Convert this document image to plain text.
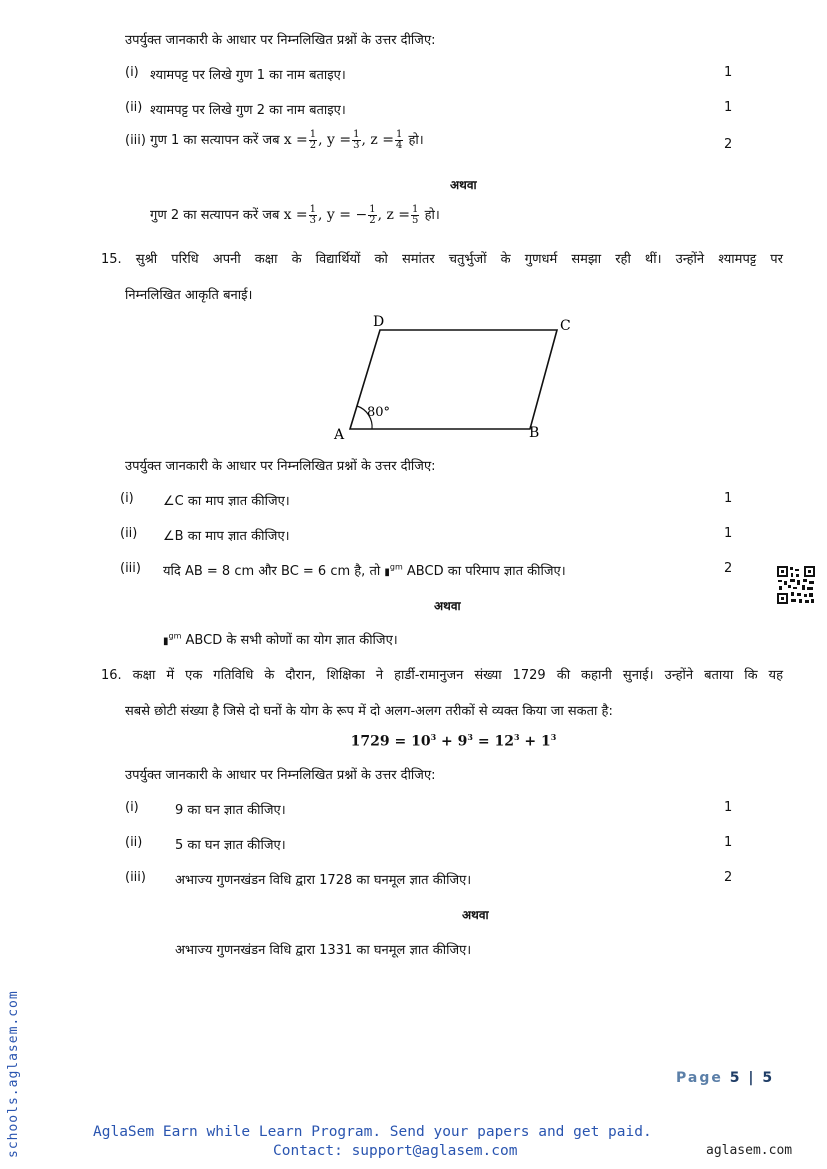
उपर्युक्त जानकारी के आधार पर निम्नलिखित प्रश्नों के उत्तर दीजिए:
(i) श्यामपट्ट पर लिखे गुण 1 का नाम बताइए।	1
(ii) श्यामपट्ट पर लिखे गुण 2 का नाम बताइए।	1
(iii) गुण 1 का सत्यापन करें जब $x = \frac{1}{2}$ , $y = \frac{1}{3}$ , $z = \frac{1}{4}$ हो।	2
अथवा
गुण 2 का सत्यापन करें जब $x = \frac{1}{3}$ , y = − $\frac{1}{2}$ , $z = \frac{1}{5}$ हो।
15. सुश्री परिधि अपनी कक्षा के विद्यार्थियों को समांतर चतुर्भुजों के गुणधर्म समझा रही थीं। उन्होंने श्यामपट्ट पर
निम्नलिखित आकृति बनाई।
A	B
C
D
80°
उपर्युक्त जानकारी के आधार पर निम्नलिखित प्रश्नों के उत्तर दीजिए:
(i) ∠C का माप ज्ञात कीजिए।	1
(ii) ∠B का माप ज्ञात कीजिए।	1
(iii) यदि AB = 8 cm और BC = 6 cm है, तो ▮$^{gm}$ ABCD का परिमाप ज्ञात कीजिए।	2
अथवा
▮$^{gm}$ ABCD के सभी कोणों का योग ज्ञात कीजिए।
16. कक्षा में एक गतिविधि के दौरान, शिक्षिका ने हार्डी-रामानुजन संख्या 1729 की कहानी सुनाई। उन्होंने बताया कि यह
सबसे छोटी संख्या है जिसे दो घनों के योग के रूप में दो अलग-अलग तरीकों से व्यक्त किया जा सकता है:
$1729 = 10^3 + 9^3 = 12^3 + 1^3$
उपर्युक्त जानकारी के आधार पर निम्नलिखित प्रश्नों के उत्तर दीजिए:
(i)	9 का घन ज्ञात कीजिए।	1
(ii)	5 का घन ज्ञात कीजिए।	1
(iii) अभाज्य गुणनखंडन विधि द्वारा 1728 का घनमूल ज्ञात कीजिए।	2
अथवा
अभाज्य गुणनखंडन विधि द्वारा 1331 का घनमूल ज्ञात कीजिए।
schools.aglasem.com	Page 5 | 5
AglaSem Earn while Learn Program. Send your papers and get paid.
Contact: support@aglasem.com	aglasem.com
